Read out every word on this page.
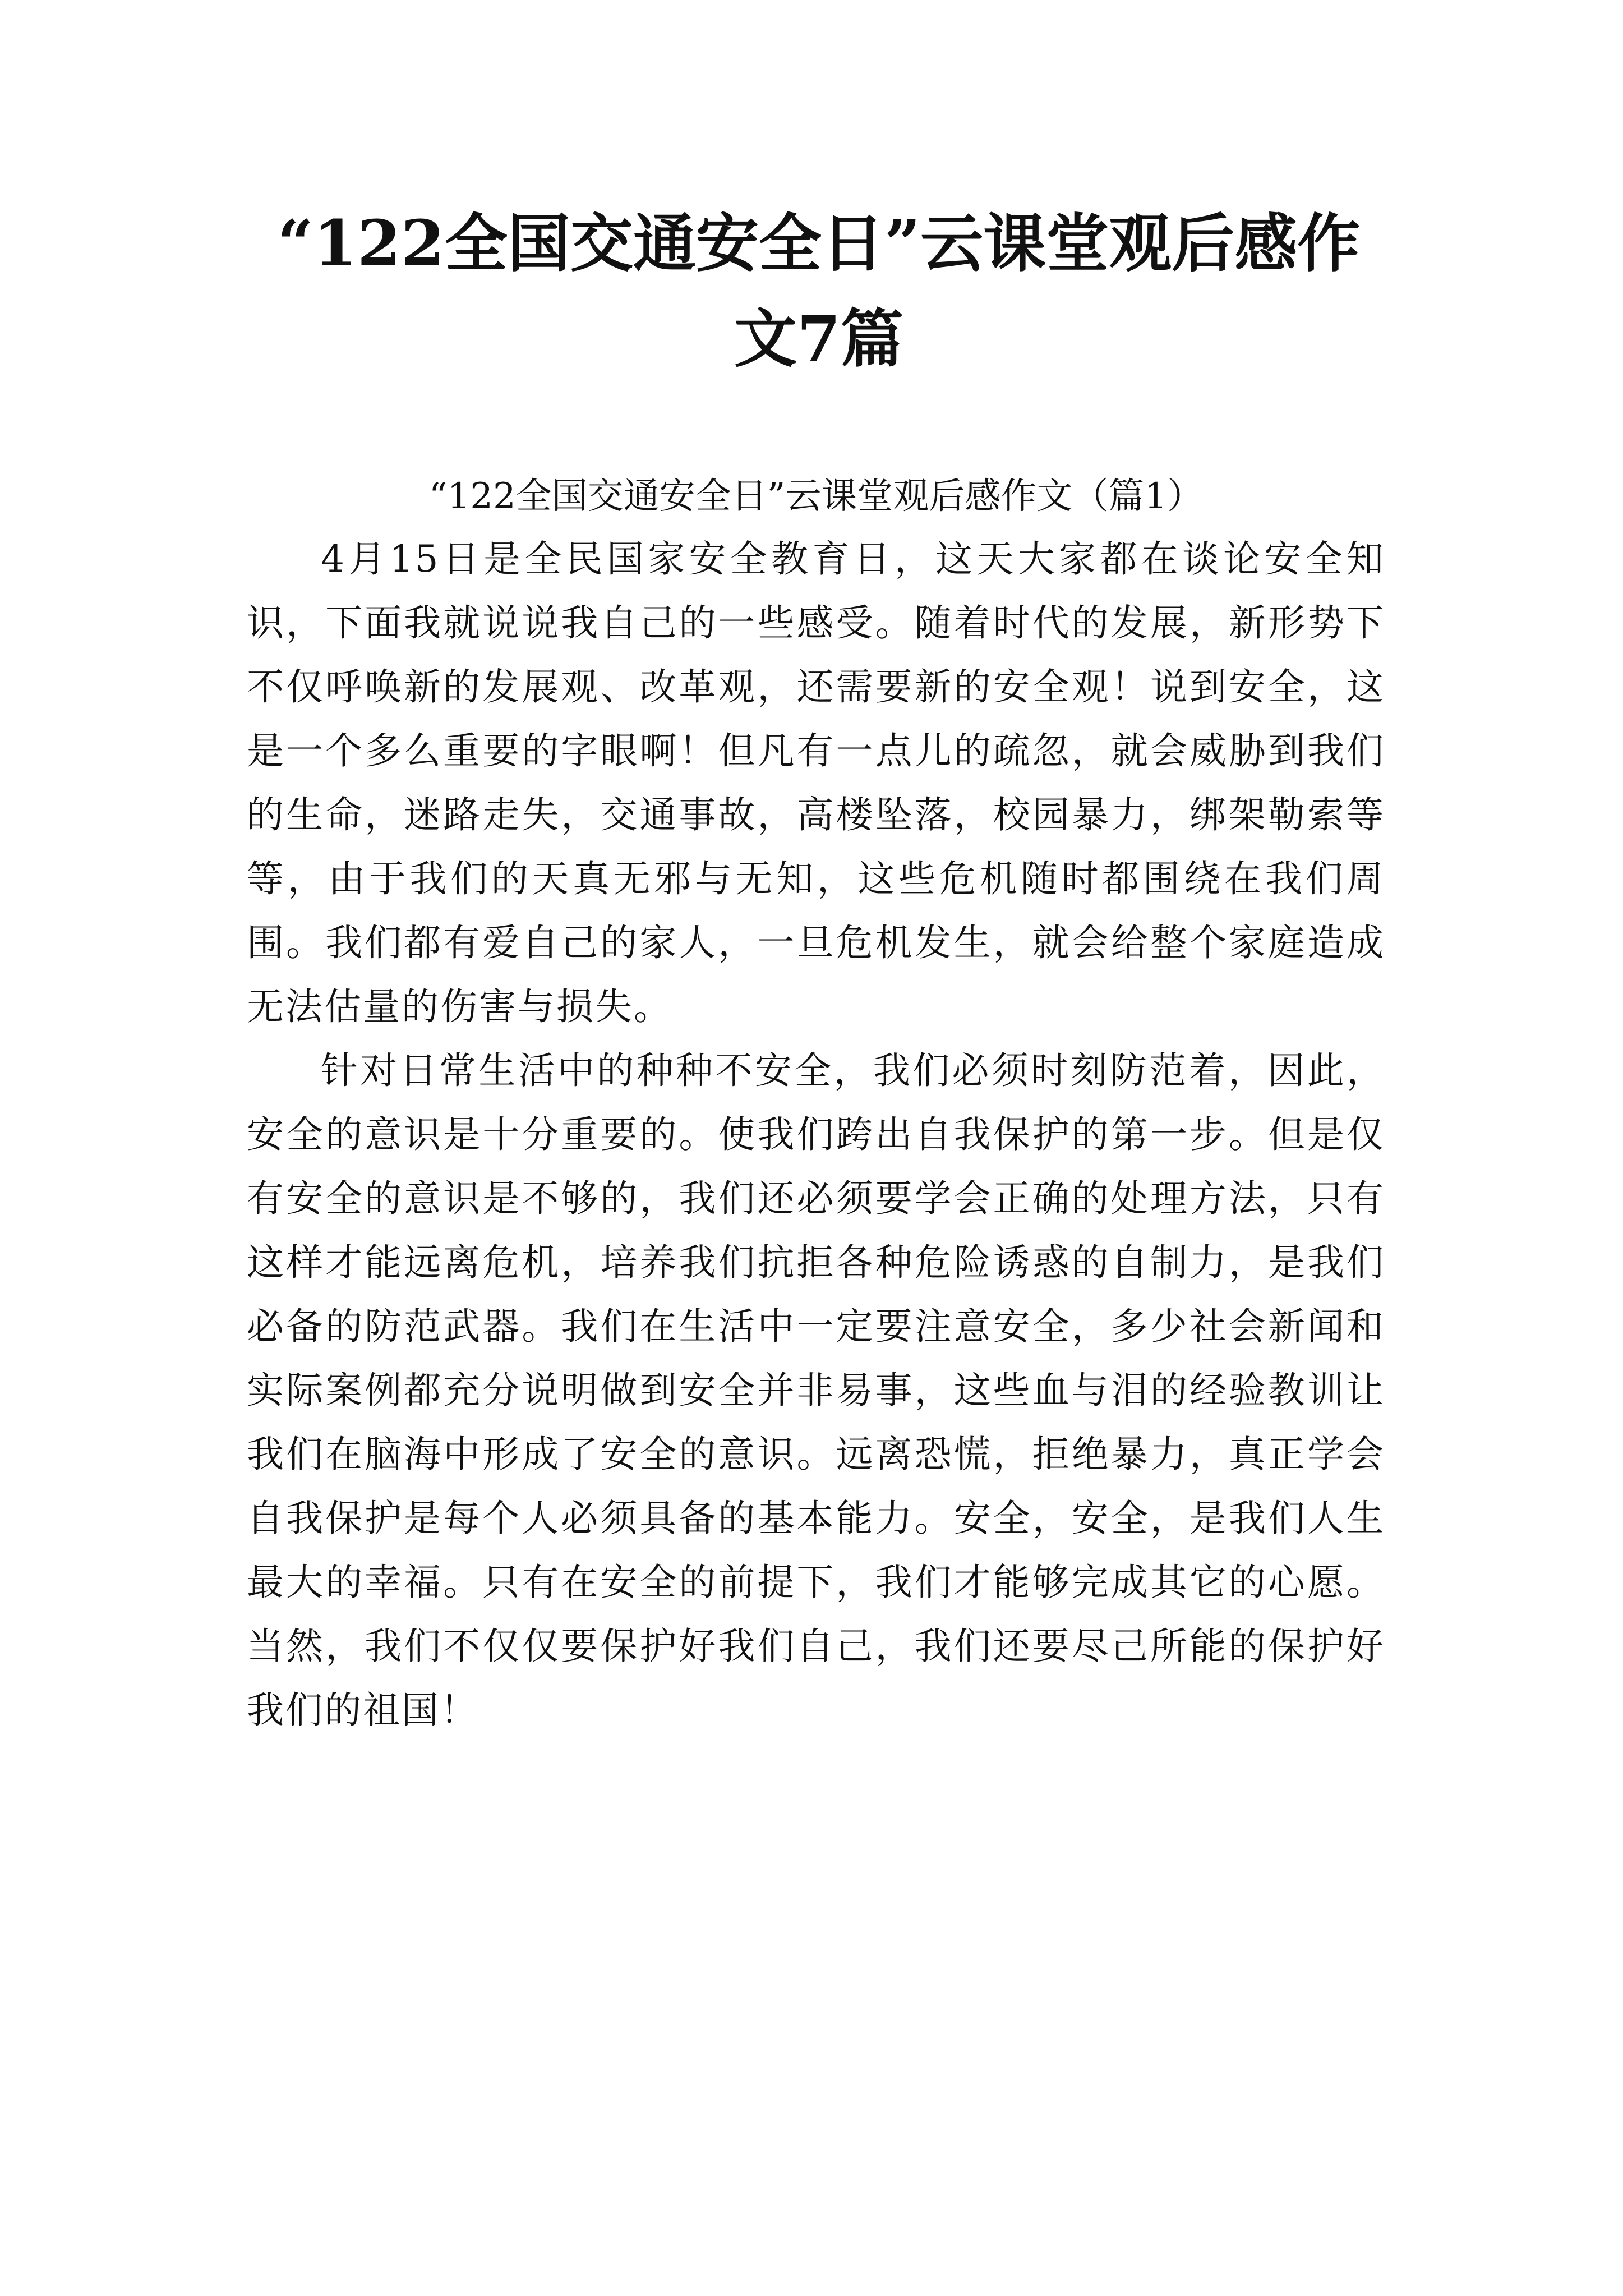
“122全国交通安全日”云课堂观后感作文7篇
“122全国交通安全日”云课堂观后感作文（篇1）

4月15日是全民国家安全教育日，这天大家都在谈论安全知识，下面我就说说我自己的一些感受。随着时代的发展，新形势下不仅呼唤新的发展观、改革观，还需要新的安全观！说到安全，这是一个多么重要的字眼啊！但凡有一点儿的疏忽，就会威胁到我们的生命，迷路走失，交通事故，高楼坠落，校园暴力，绑架勒索等等，由于我们的天真无邪与无知，这些危机随时都围绕在我们周围。我们都有爱自己的家人，一旦危机发生，就会给整个家庭造成无法估量的伤害与损失。

针对日常生活中的种种不安全，我们必须时刻防范着，因此，安全的意识是十分重要的。使我们跨出自我保护的第一步。但是仅有安全的意识是不够的，我们还必须要学会正确的处理方法，只有这样才能远离危机，培养我们抗拒各种危险诱惑的自制力，是我们必备的防范武器。我们在生活中一定要注意安全，多少社会新闻和实际案例都充分说明做到安全并非易事，这些血与泪的经验教训让我们在脑海中形成了安全的意识。远离恐慌，拒绝暴力，真正学会自我保护是每个人必须具备的基本能力。安全，安全，是我们人生最大的幸福。只有在安全的前提下，我们才能够完成其它的心愿。当然，我们不仅仅要保护好我们自己，我们还要尽己所能的保护好我们的祖国！
